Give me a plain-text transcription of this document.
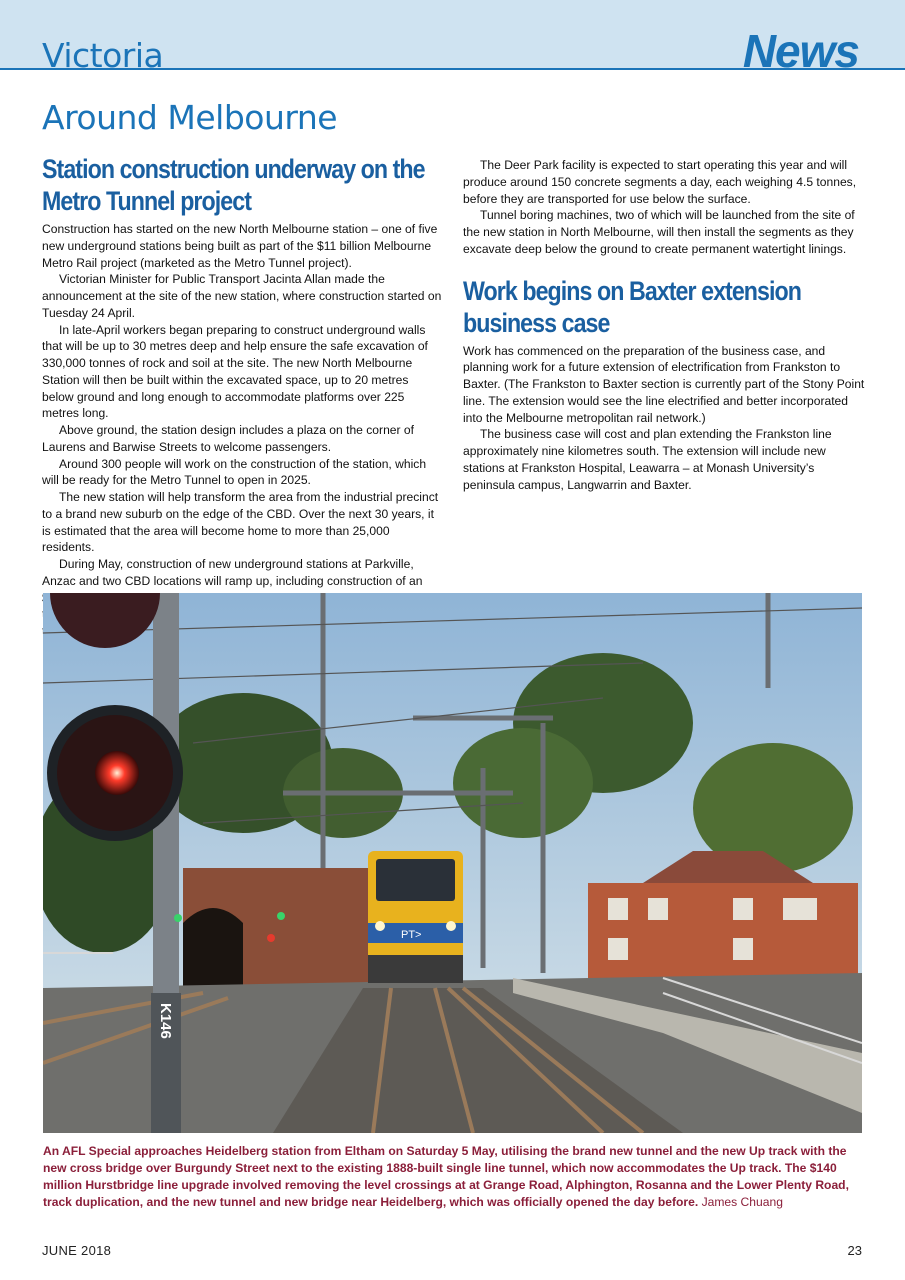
Victoria	News
Around Melbourne
Station construction underway on the Metro Tunnel project

Construction has started on the new North Melbourne station – one of five new underground stations being built as part of the $11 billion Melbourne Metro Rail project (marketed as the Metro Tunnel project).

Victorian Minister for Public Transport Jacinta Allan made the announcement at the site of the new station, where construction started on Tuesday 24 April.

In late-April workers began preparing to construct underground walls that will be up to 30 metres deep and help ensure the safe excavation of 330,000 tonnes of rock and soil at the site. The new North Melbourne Station will then be built within the excavated space, up to 20 metres below ground and long enough to accommodate platforms over 225 metres long.

Above ground, the station design includes a plaza on the corner of Laurens and Barwise Streets to welcome passengers.

Around 300 people will work on the construction of the station, which will be ready for the Metro Tunnel to open in 2025.

The new station will help transform the area from the industrial precinct to a brand new suburb on the edge of the CBD. Over the next 30 years, it is estimated that the area will become home to more than 25,000 residents.

During May, construction of new underground stations at Parkville, Anzac and two CBD locations will ramp up, including construction of an

The Deer Park facility is expected to start operating this year and will produce around 150 concrete segments a day, each weighing 4.5 tonnes, before they are transported for use below the surface.

Tunnel boring machines, two of which will be launched from the site of the new station in North Melbourne, will then install the segments as they excavate deep below the ground to create permanent watertight linings.

Work begins on Baxter extension business case

Work has commenced on the preparation of the business case, and planning work for a future extension of electrification from Frankston to Baxter. (The Frankston to Baxter section is currently part of the Stony Point line. The extension would see the line electrified and better incorporated into the Melbourne metropolitan rail network.)

The business case will cost and plan extending the Frankston line approximately nine kilometres south. The extension will include new stations at Frankston Hospital, Leawarra – at Monash University’s peninsula campus, Langwarrin and Baxter.

PT>
K146

An AFL Special approaches Heidelberg station from Eltham on Saturday 5 May, utilising the brand new tunnel and the new Up track with the new cross bridge over Burgundy Street next to the existing 1888-built single line tunnel, which now accommodates the Up track. The $140 million Hurstbridge line upgrade involved removing the level crossings at at Grange Road, Alphington, Rosanna and the Lower Plenty Road, track duplication, and the new tunnel and new bridge near Heidelberg, which was officially opened the day before. James Chuang

JUNE 2018	23
